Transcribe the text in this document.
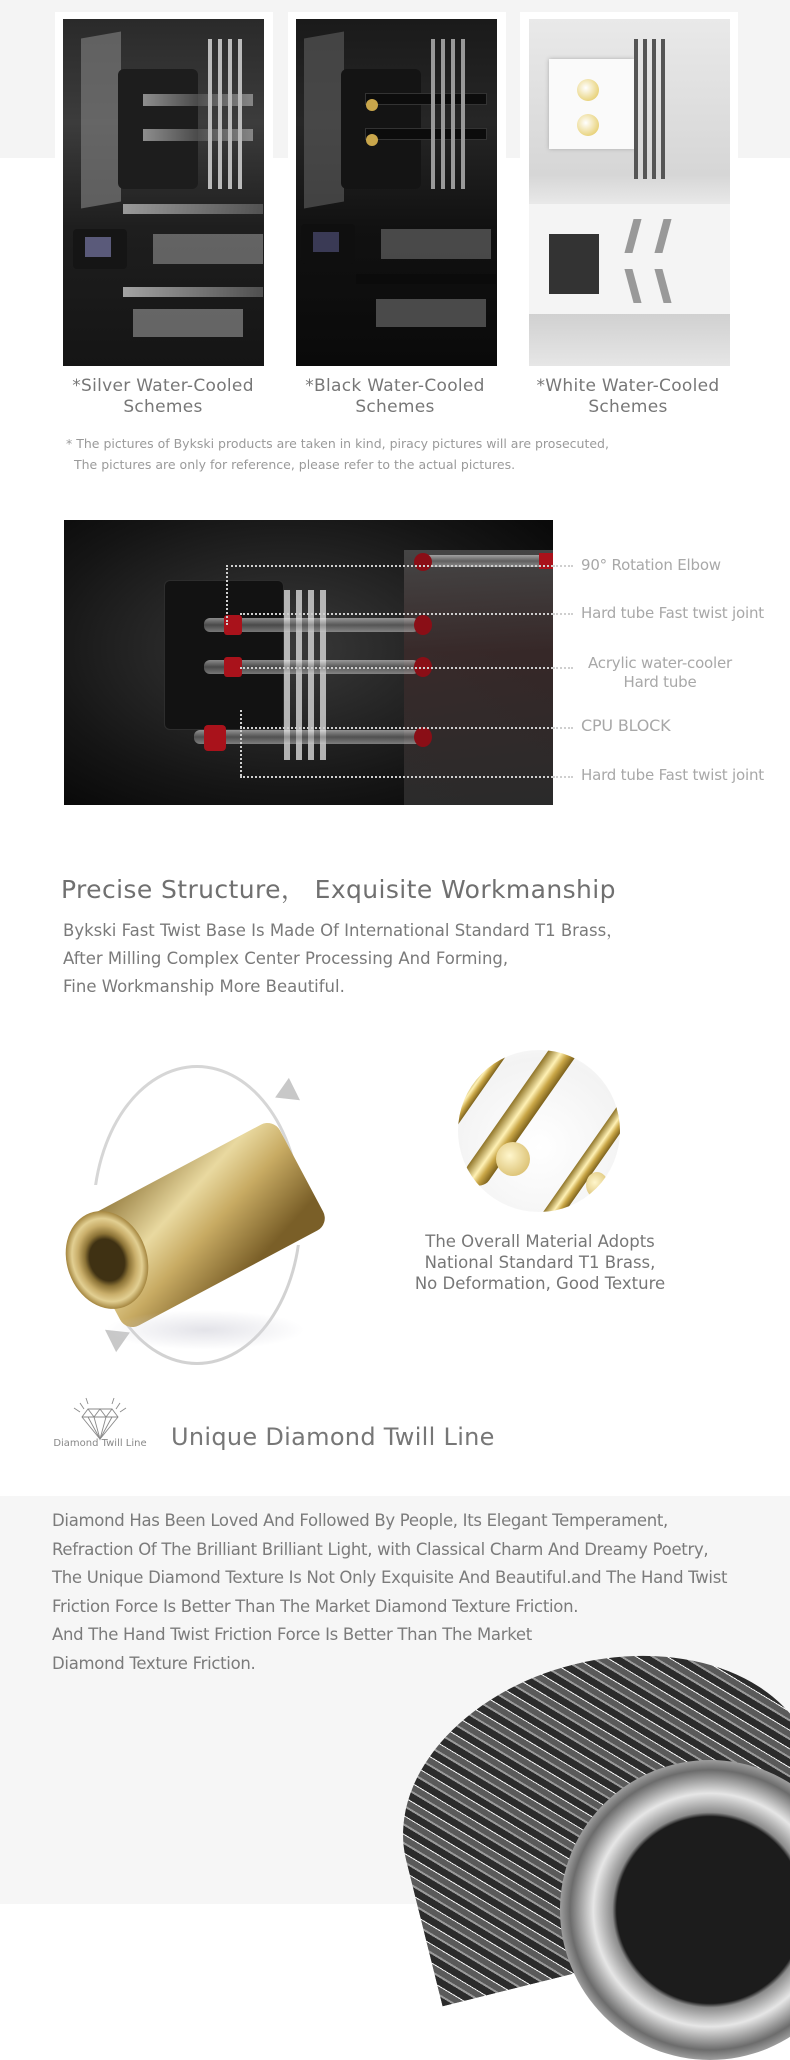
*Silver Water-Cooled
Schemes
*Black Water-Cooled
Schemes
*White Water-Cooled
Schemes
* The pictures of Bykski products are taken in kind, piracy pictures will are prosecuted,
The pictures are only for reference, please refer to the actual pictures.
90° Rotation Elbow
Hard tube Fast twist joint
Acrylic water-cooler
Hard tube
CPU BLOCK
Hard tube Fast twist joint
Precise Structure， Exquisite Workmanship
Bykski Fast Twist Base Is Made Of International Standard T1 Brass，
After Milling Complex Center Processing And Forming,
Fine Workmanship More Beautiful.
The Overall Material Adopts
National Standard T1 Brass,
No Deformation, Good Texture
Diamond Twill Line	Unique Diamond Twill Line
Diamond Has Been Loved And Followed By People, Its Elegant Temperament,
Refraction Of The Brilliant Brilliant Light, with Classical Charm And Dreamy Poetry,
The Unique Diamond Texture Is Not Only Exquisite And Beautiful.and The Hand Twist
Friction Force Is Better Than The Market Diamond Texture Friction.
And The Hand Twist Friction Force Is Better Than The Market
Diamond Texture Friction.
